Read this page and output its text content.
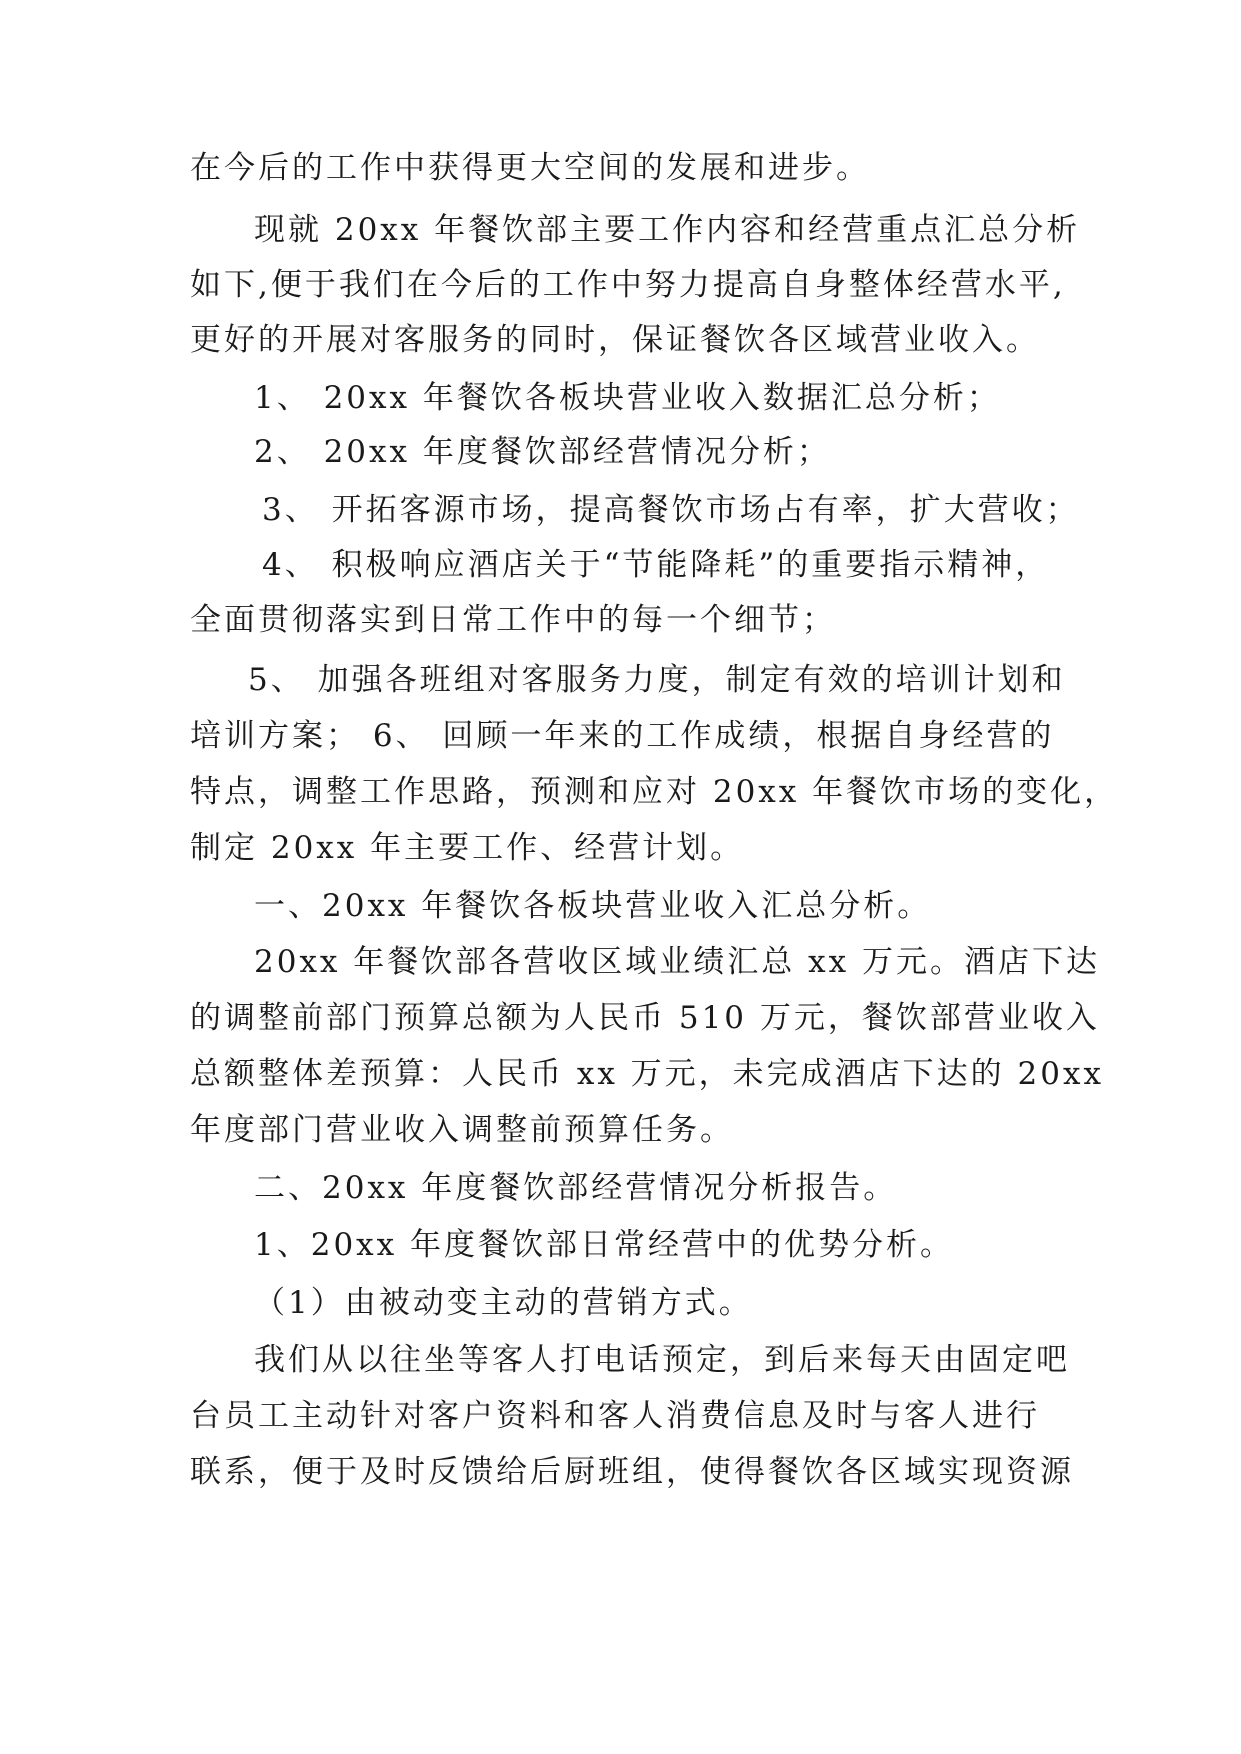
在今后的工作中获得更大空间的发展和进步。
现就 20xx 年餐饮部主要工作内容和经营重点汇总分析
如下,便于我们在今后的工作中努力提高自身整体经营水平,
更好的开展对客服务的同时，保证餐饮各区域营业收入。
1、 20xx 年餐饮各板块营业收入数据汇总分析；
2、 20xx 年度餐饮部经营情况分析；
3、 开拓客源市场，提高餐饮市场占有率，扩大营收；
4、 积极响应酒店关于“节能降耗”的重要指示精神，
全面贯彻落实到日常工作中的每一个细节；
5、 加强各班组对客服务力度，制定有效的培训计划和
培训方案； 6、 回顾一年来的工作成绩，根据自身经营的
特点，调整工作思路，预测和应对 20xx 年餐饮市场的变化，
制定 20xx 年主要工作、经营计划。
一、20xx 年餐饮各板块营业收入汇总分析。
20xx 年餐饮部各营收区域业绩汇总 xx 万元。酒店下达
的调整前部门预算总额为人民币 510 万元，餐饮部营业收入
总额整体差预算：人民币 xx 万元，未完成酒店下达的 20xx
年度部门营业收入调整前预算任务。
二、20xx 年度餐饮部经营情况分析报告。
1、20xx 年度餐饮部日常经营中的优势分析。
（1）由被动变主动的营销方式。
我们从以往坐等客人打电话预定，到后来每天由固定吧
台员工主动针对客户资料和客人消费信息及时与客人进行
联系，便于及时反馈给后厨班组，使得餐饮各区域实现资源
